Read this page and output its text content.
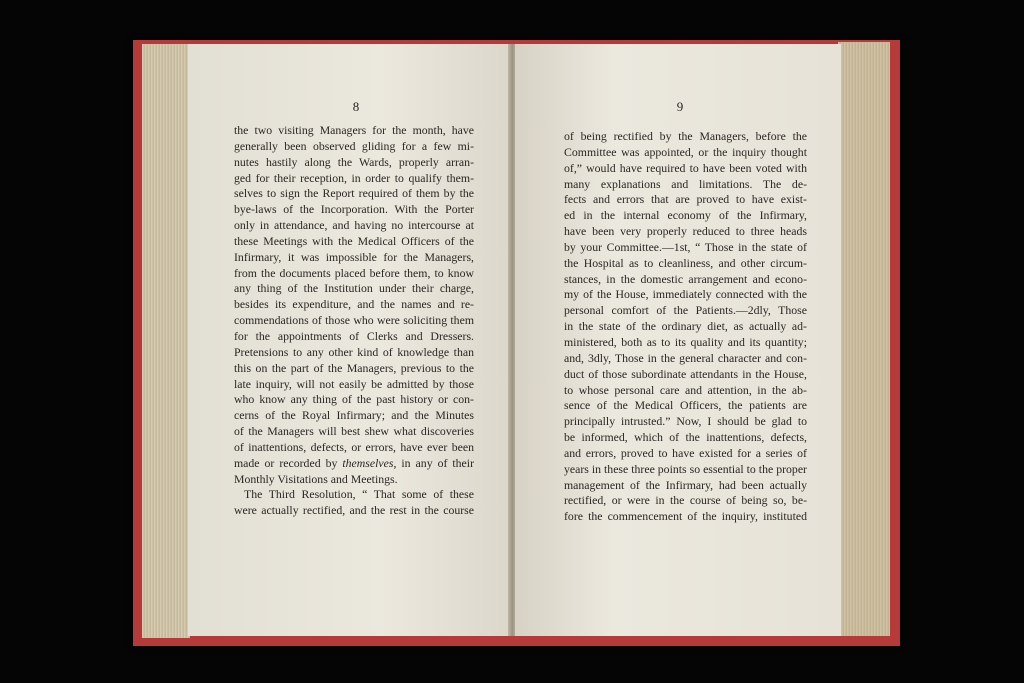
8
the two visiting Managers for the month, have
generally been observed gliding for a few mi-
nutes hastily along the Wards, properly arran-
ged for their reception, in order to qualify them-
selves to sign the Report required of them by the
bye-laws of the Incorporation. With the Porter
only in attendance, and having no intercourse at
these Meetings with the Medical Officers of the
Infirmary, it was impossible for the Managers,
from the documents placed before them, to know
any thing of the Institution under their charge,
besides its expenditure, and the names and re-
commendations of those who were soliciting them
for the appointments of Clerks and Dressers.
Pretensions to any other kind of knowledge than
this on the part of the Managers, previous to the
late inquiry, will not easily be admitted by those
who know any thing of the past history or con-
cerns of the Royal Infirmary; and the Minutes
of the Managers will best shew what discoveries
of inattentions, defects, or errors, have ever been
made or recorded by themselves, in any of their
Monthly Visitations and Meetings.
The Third Resolution, “ That some of these
were actually rectified, and the rest in the course
9
of being rectified by the Managers, before the
Committee was appointed, or the inquiry thought
of,” would have required to have been voted with
many explanations and limitations. The de-
fects and errors that are proved to have exist-
ed in the internal economy of the Infirmary,
have been very properly reduced to three heads
by your Committee.—1st, “ Those in the state of
the Hospital as to cleanliness, and other circum-
stances, in the domestic arrangement and econo-
my of the House, immediately connected with the
personal comfort of the Patients.—2dly, Those
in the state of the ordinary diet, as actually ad-
ministered, both as to its quality and its quantity;
and, 3dly, Those in the general character and con-
duct of those subordinate attendants in the House,
to whose personal care and attention, in the ab-
sence of the Medical Officers, the patients are
principally intrusted.” Now, I should be glad to
be informed, which of the inattentions, defects,
and errors, proved to have existed for a series of
years in these three points so essential to the proper
management of the Infirmary, had been actually
rectified, or were in the course of being so, be-
fore the commencement of the inquiry, instituted
